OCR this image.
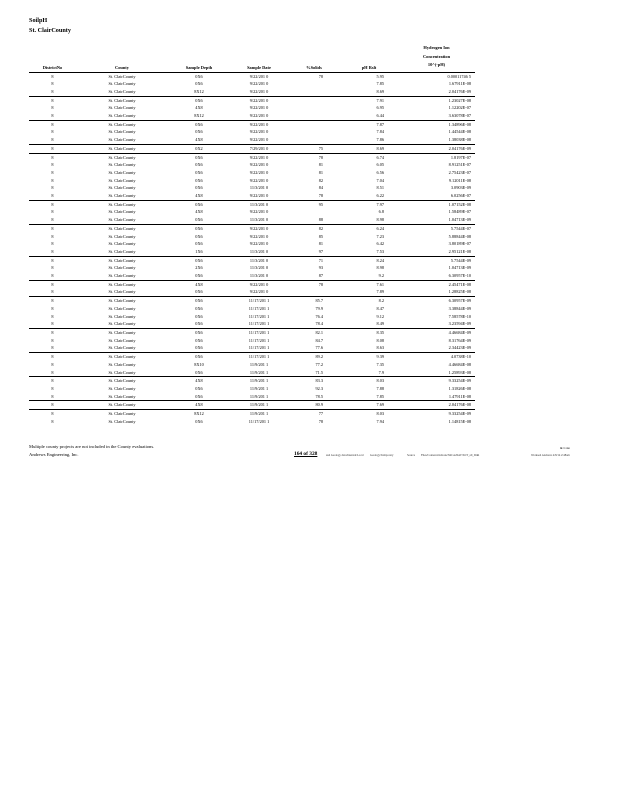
SoilpH
St. ClairCounty
DistrictNo	County	Sample Depth	Sample Date	%Solids	pH Rslt	Hydrogen Ion
Concentration
10^(-pH)

8	St. ClairCounty	0X6	9/22/201 0	78	5.95	0.00011746 5
8	St. ClairCounty	0X6	9/22/201 0		7.85	1.67911E-08
8	St. ClairCounty	8X12	9/22/201 0		8.69	2.04176E-09
8	St. ClairCounty	0X6	9/22/201 0		7.91	1.23027E-08
8	St. ClairCounty	4X8	9/22/201 0		6.95	1.12202E-07
8	St. ClairCounty	8X12	9/22/201 0		6.44	3.63078E-07
8	St. ClairCounty	0X6	9/22/201 0		7.87	1.34896E-08
8	St. ClairCounty	0X6	9/22/201 0		7.84	1.44544E-08
8	St. ClairCounty	4X8	9/22/201 0		7.86	1.38038E-08
8	St. ClairCounty	0X2	7/29/201 0	75	8.69	2.04176E-09
8	St. ClairCounty	0X6	9/22/201 0	78	6.74	1.8197E-07
8	St. ClairCounty	0X6	9/22/201 0	81	6.05	8.91251E-07
8	St. ClairCounty	0X6	9/22/201 0	81	6.56	2.75423E-07
8	St. ClairCounty	0X6	9/22/201 0	82	7.04	9.12011E-08
8	St. ClairCounty	0X6	11/3/201 0	84	8.51	3.0903E-09
8	St. ClairCounty	4X8	9/22/201 0	78	6.22	6.0256E-07
8	St. ClairCounty	0X6	11/3/201 0	95	7.97	1.07152E-08
8	St. ClairCounty	4X8	9/22/201 0		6.8	1.58489E-07
8	St. ClairCounty	0X6	11/3/201 0	88	8.98	1.04713E-09
8	St. ClairCounty	0X6	9/22/201 0	82	6.24	5.7544E-07
8	St. ClairCounty	0X6	9/22/201 0	85	7.23	5.88844E-08
8	St. ClairCounty	0X6	9/22/201 0	81	6.42	3.80189E-07
8	St. ClairCounty	1X6	11/3/201 0	97	7.53	2.95121E-08
8	St. ClairCounty	0X6	11/3/201 0	71	8.24	5.7544E-09
8	St. ClairCounty	2X6	11/3/201 0	93	8.98	1.04713E-09
8	St. ClairCounty	0X6	11/3/201 0	87	9.2	6.30957E-10
8	St. ClairCounty	4X8	9/22/201 0	78	7.61	2.45471E-08
8	St. ClairCounty	0X6	9/22/201 0		7.89	1.28825E-08
8	St. ClairCounty	0X6	11/17/201 1	85.7	8.2	6.30957E-09
8	St. ClairCounty	0X6	11/17/201 1	79.9	8.47	3.38844E-09
8	St. ClairCounty	0X6	11/17/201 1	76.4	9.12	7.58578E-10
8	St. ClairCounty	0X6	11/17/201 1	78.4	8.49	3.23594E-09
8	St. ClairCounty	0X6	11/17/201 1	82.1	8.35	4.46684E-09
8	St. ClairCounty	0X6	11/17/201 1	84.7	8.08	8.31764E-09
8	St. ClairCounty	0X6	11/17/201 1	77.6	8.63	2.34423E-09
8	St. ClairCounty	0X6	11/17/201 1	89.2	9.39	4.0738E-10
8	St. ClairCounty	8X10	11/9/201 1	77.2	7.35	4.46684E-08
8	St. ClairCounty	0X6	11/9/201 1	71.5	7.9	1.25893E-08
8	St. ClairCounty	4X8	11/9/201 1	83.3	8.03	9.33254E-09
8	St. ClairCounty	0X6	11/9/201 1	92.3	7.88	1.31826E-08
8	St. ClairCounty	0X6	11/9/201 1	78.5	7.85	1.47911E-08
8	St. ClairCounty	4X8	11/9/201 1	80.9	7.69	2.04176E-08
8	St. ClairCounty	8X12	11/9/201 1	77	8.03	9.33254E-09
8	St. ClairCounty	0X6	11/17/201 1	78	7.94	1.14815E-08
Multiple county projects are not included in the County evaluations.
Andrews Engineering, Inc.	164 of 328	and Geology data/Internal/Local Geology/Temporary	Source Files/Content.Outlook/N4CA26AV/SOT_all_DnR	Worksed Andrews 4/8/14 2:48am
& Cole
